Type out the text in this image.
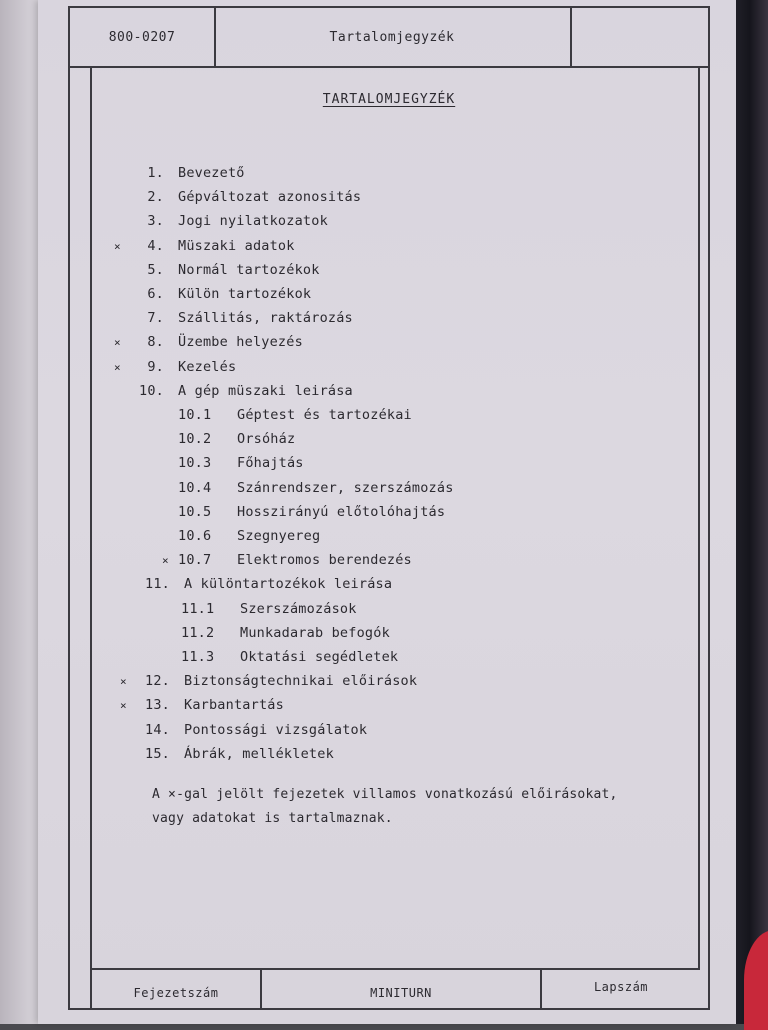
800-0207	Tartalomjegyzék
TARTALOMJEGYZÉK
1. Bevezető
2. Gépváltozat azonositás
3. Jogi nyilatkozatok
×	4. Müszaki adatok
5. Normál tartozékok
6. Külön tartozékok
7. Szállitás, raktározás
×	8. Üzembe helyezés
×	9. Kezelés
10. A gép müszaki leirása
10.1	Géptest és tartozékai
10.2	Orsóház
10.3	Főhajtás
10.4	Szánrendszer, szerszámozás
10.5	Hosszirányú előtolóhajtás
10.6	Szegnyereg
× 10.7	Elektromos berendezés
11. A különtartozékok leirása
11.1	Szerszámozások
11.2	Munkadarab befogók
11.3	Oktatási segédletek
×	12. Biztonságtechnikai előirások
×	13. Karbantartás
14. Pontossági vizsgálatok
15. Ábrák, mellékletek
A ×-gal jelölt fejezetek villamos vonatkozású előirásokat,
vagy adatokat is tartalmaznak.
Fejezetszám	MINITURN	Lapszám
